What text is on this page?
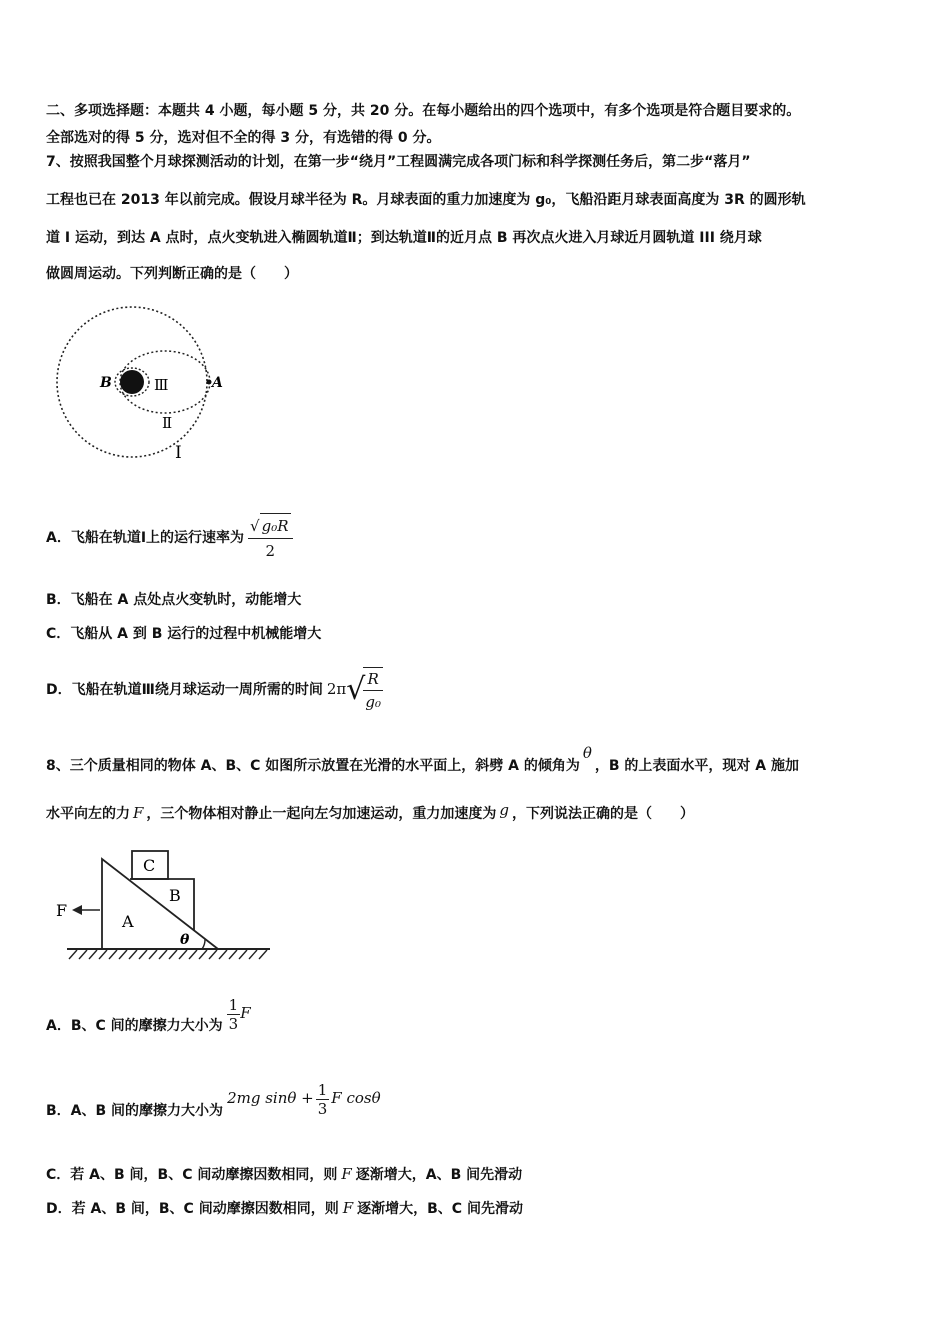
二、多项选择题：本题共 4 小题，每小题 5 分，共 20 分。在每小题给出的四个选项中，有多个选项是符合题目要求的。
全部选对的得 5 分，选对但不全的得 3 分，有选错的得 0 分。
7、按照我国整个月球探测活动的计划，在第一步“绕月”工程圆满完成各项门标和科学探测任务后，第二步“落月”
工程也已在 2013 年以前完成。假设月球半径为 R。月球表面的重力加速度为 g₀，飞船沿距月球表面高度为 3R 的圆形轨
道 I 运动，到达 A 点时，点火变轨进入椭圆轨道Ⅱ；到达轨道Ⅱ的近月点 B 再次点火进入月球近月圆轨道 III 绕月球
做圆周运动。下列判断正确的是（　　）
B	A
Ⅲ
Ⅱ
I
A．飞船在轨道Ⅰ上的运行速率为 $\frac{\text{√ g₀R}}{2}$
B．飞船在 A 点处点火变轨时，动能增大
C．飞船从 A 到 B 运行的过程中机械能增大
D．飞船在轨道Ⅲ绕月球运动一周所需的时间 2π√
$\frac{R}{\text{g₀}}$
8、三个质量相同的物体 A、B、C 如图所示放置在光滑的水平面上，斜劈 A 的倾角为θ，B 的上表面水平，现对 A 施加
水平向左的力 F ，三个物体相对静止一起向左匀加速运动，重力加速度为 g ，下列说法正确的是（　　）
C
B
A
F
θ
A．B、C 间的摩擦力大小为 $\frac{1}{3}$ F
B．A、B 间的摩擦力大小为2mg $\sin\theta + \frac{1}{3}$ F cosθ
C．若 A、B 间，B、C 间动摩擦因数相同，则 F 逐渐增大，A、B 间先滑动
D．若 A、B 间，B、C 间动摩擦因数相同，则 F 逐渐增大，B、C 间先滑动
